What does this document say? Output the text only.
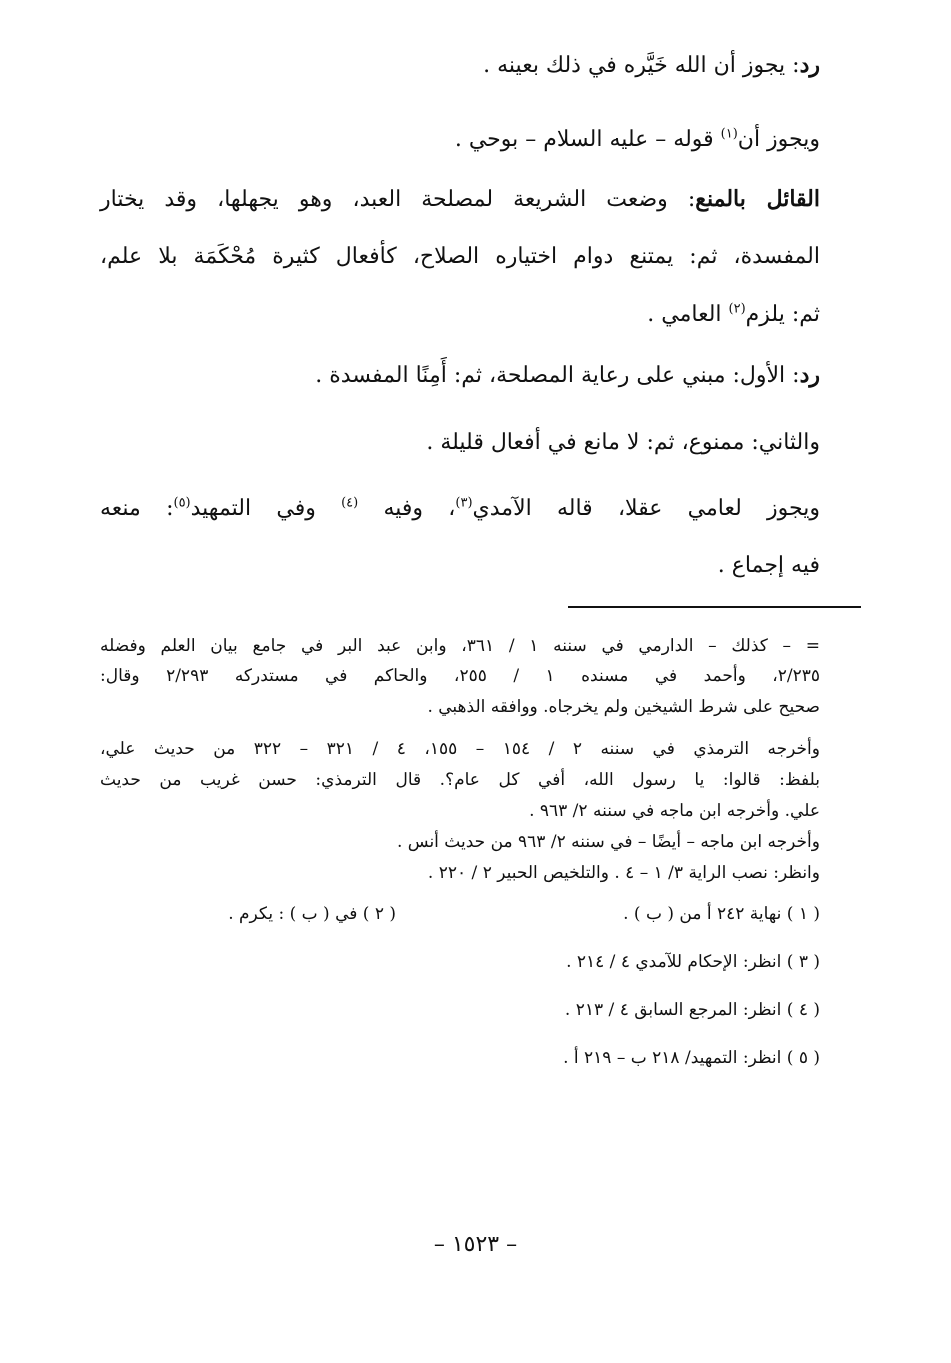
رد: يجوز أن الله خَيَّره في ذلك بعينه .
ويجوز أن$^{(١)}$ قوله – عليه السلام – بوحي .
القائل بالمنع: وضعت الشريعة لمصلحة العبد، وهو يجهلها، وقد يختار
المفسدة، ثم: يمتنع دوام اختياره الصلاح، كأفعال كثيرة مُحْكَمَة بلا علم،
ثم: يلزم$^{(٢)}$ العامي .
رد: الأول: مبني على رعاية المصلحة، ثم: أَمِنًا المفسدة .
والثاني: ممنوع، ثم: لا مانع في أفعال قليلة .
ويجوز لعامي عقلا، قاله الآمدي$^{(٣)}$، وفيه $^{(٤)}$ وفي التمهيد$^{(٥)}$: منعه
فيه إجماع .
= – كذلك – الدارمي في سننه ١ / ٣٦١، وابن عبد البر في جامع بيان العلم وفضله
٢/٢٣٥، وأحمد في مسنده ١ / ٢٥٥، والحاكم في مستدركه ٢/٢٩٣ وقال:
صحيح على شرط الشيخين ولم يخرجاه. ووافقه الذهبي .
وأخرجه الترمذي في سننه ٢ / ١٥٤ – ١٥٥، ٤ / ٣٢١ – ٣٢٢ من حديث علي،
بلفظ: قالوا: يا رسول الله، أفي كل عام؟. قال الترمذي: حسن غريب من حديث
علي. وأخرجه ابن ماجه في سننه ٢/ ٩٦٣ .
وأخرجه ابن ماجه – أيضًا – في سننه ٢/ ٩٦٣ من حديث أنس .
وانظر: نصب الراية ٣/ ١ – ٤ . والتلخيص الحبير ٢ / ٢٢٠ .
( ١ ) نهاية ٢٤٢ أ من ( ب ) .
( ٢ ) في ( ب ) : يكرم .
( ٣ ) انظر: الإحكام للآمدي ٤ / ٢١٤ .
( ٤ ) انظر: المرجع السابق ٤ / ٢١٣ .
( ٥ ) انظر: التمهيد/ ٢١٨ ب – ٢١٩ أ .
– ١٥٢٣ –
